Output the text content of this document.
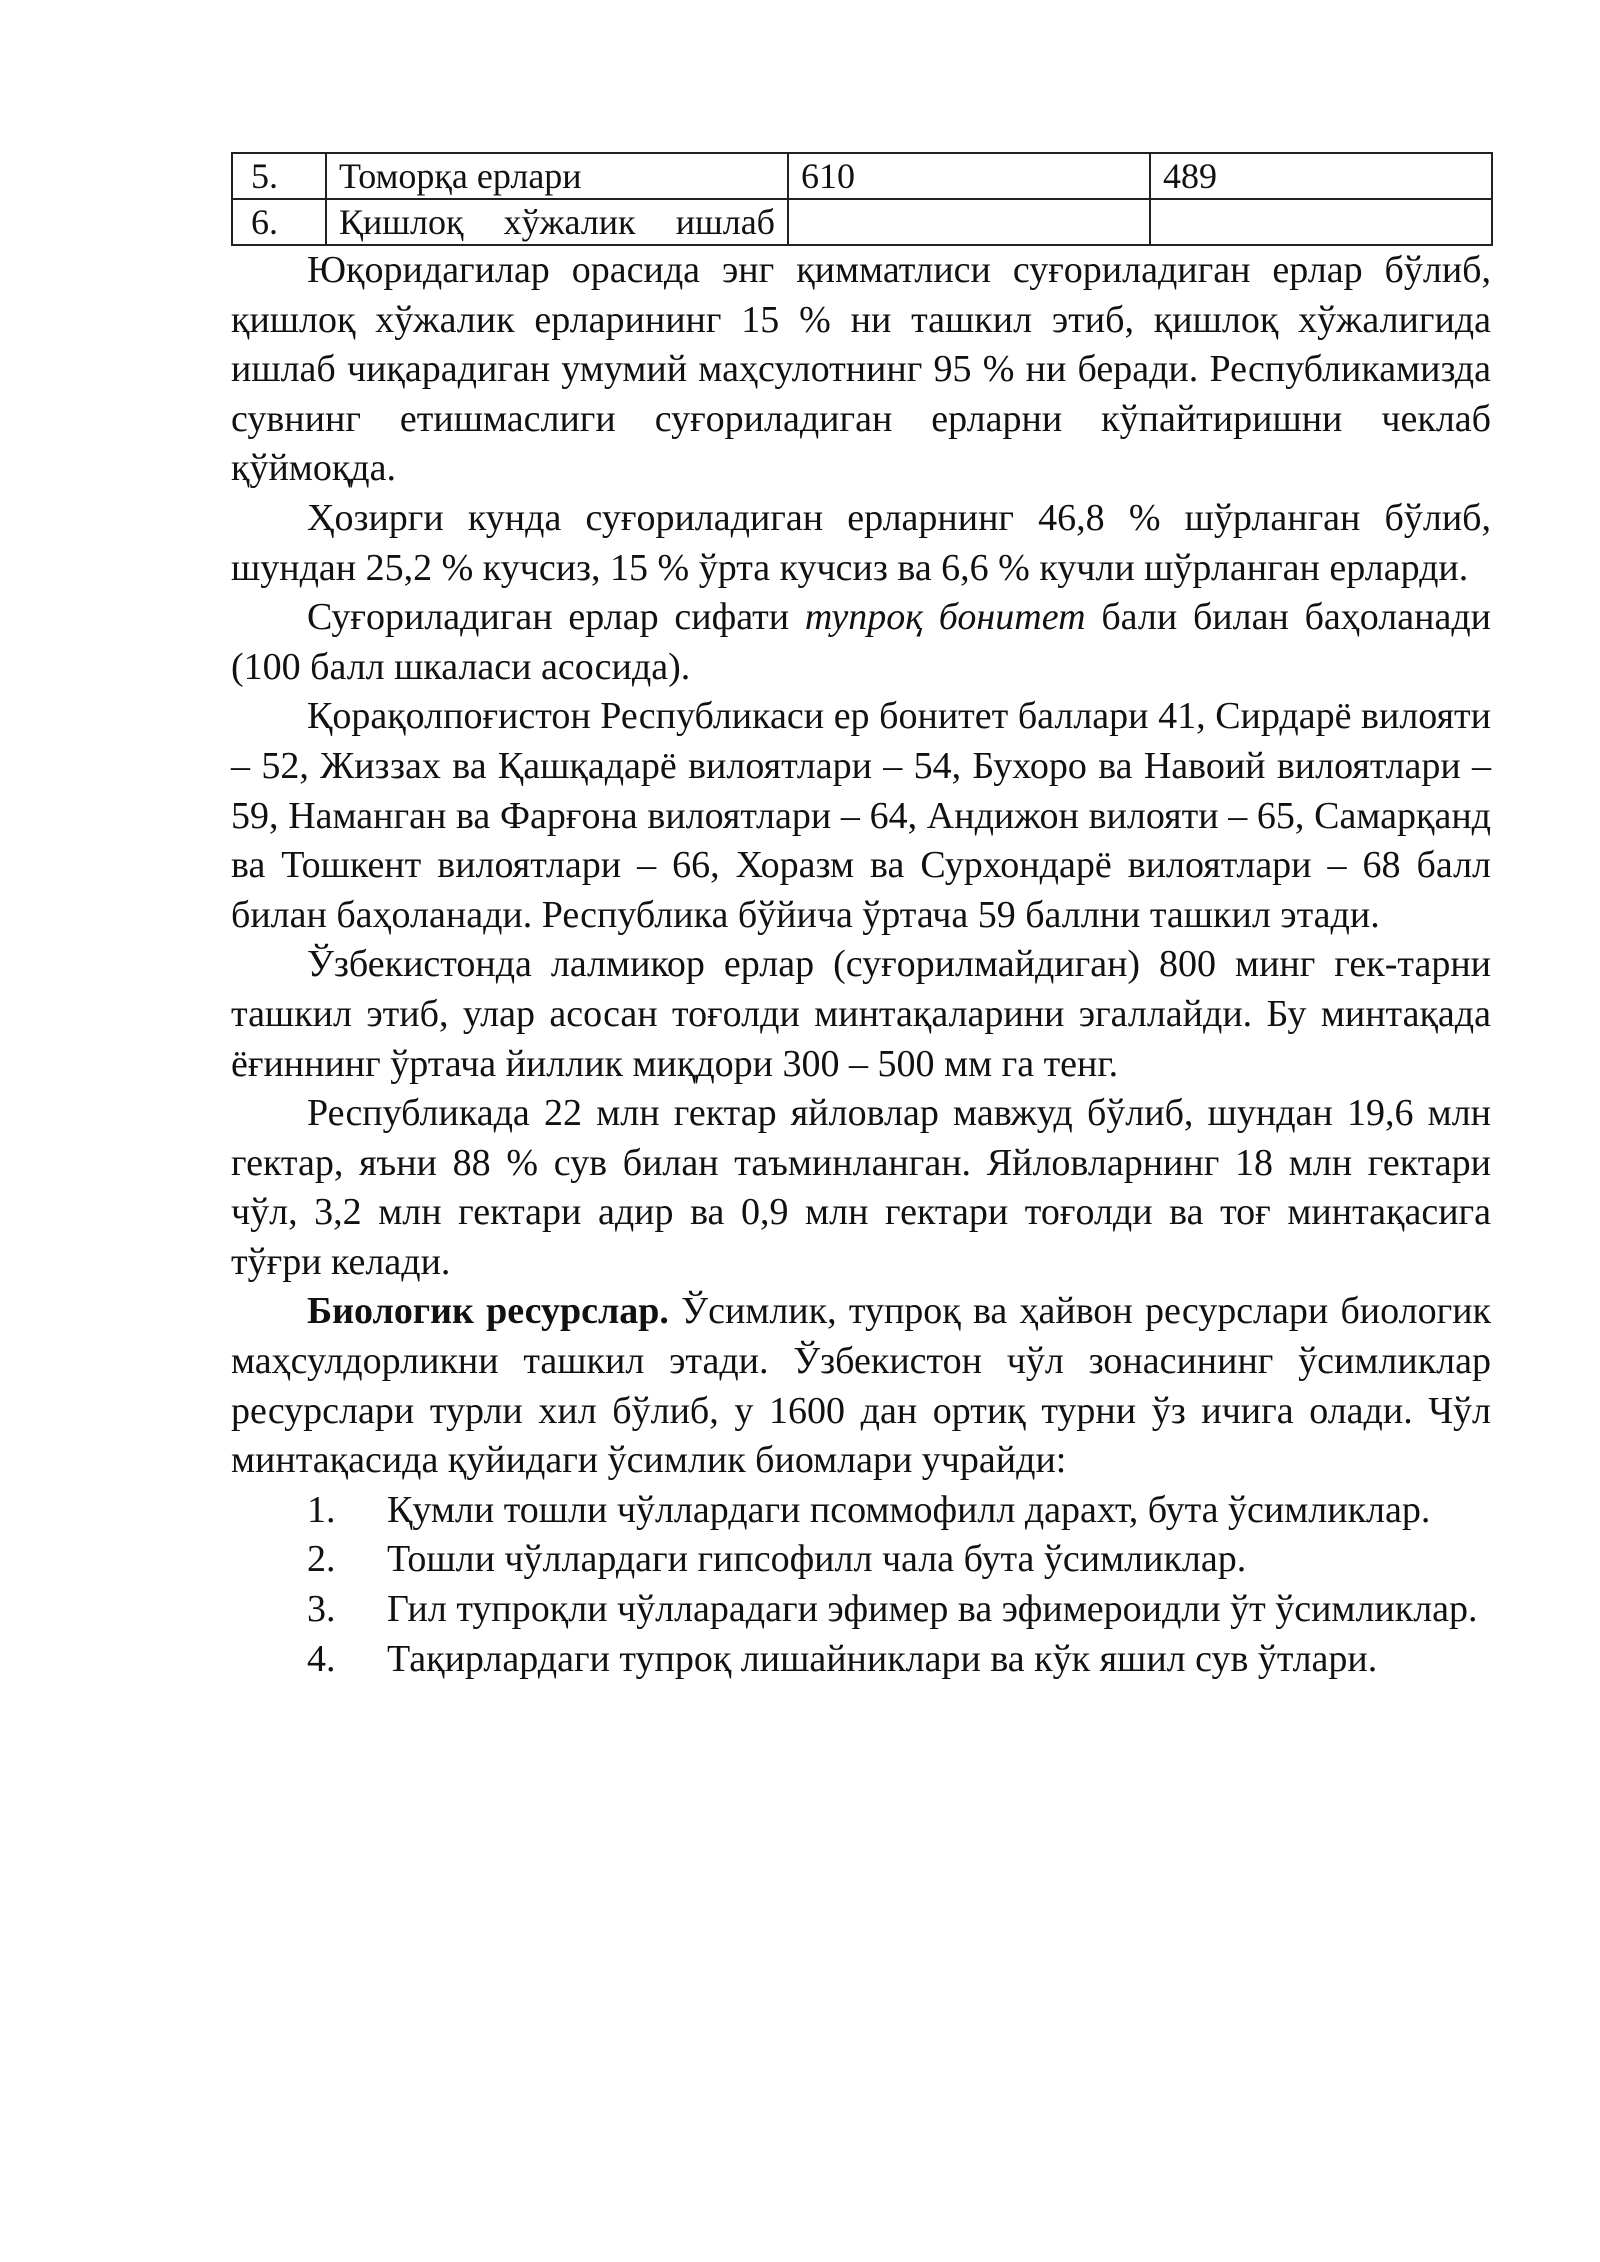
5.	Томорқа ерлари	610	489
6.	Қишлоқ хўжалик ишлаб		

Юқоридагилар орасида энг қимматлиси суғориладиган ерлар бўлиб, қишлоқ хўжалик ерларининг 15 % ни ташкил этиб, қишлоқ хўжалигида ишлаб чиқарадиган умумий маҳсулотнинг 95 % ни беради. Республикамизда сувнинг етишмаслиги суғориладиган ерларни кўпайтиришни чеклаб қўймоқда.

Ҳозирги кунда суғориладиган ерларнинг 46,8 % шўрланган бўлиб, шундан 25,2 % кучсиз, 15 % ўрта кучсиз ва 6,6 % кучли шўрланган ерларди.

Суғориладиган ерлар сифати тупроқ бонитет бали билан баҳоланади (100 балл шкаласи асосида).

Қорақолпоғистон Республикаси ер бонитет баллари 41, Сирдарё вилояти – 52, Жиззах ва Қашқадарё вилоятлари – 54, Бухоро ва Навоий вилоятлари – 59, Наманган ва Фарғона вилоятлари – 64, Андижон вилояти – 65, Самарқанд ва Тошкент вилоятлари – 66, Хоразм ва Сурхондарё вилоятлари – 68 балл билан баҳоланади. Республика бўйича ўртача 59 баллни ташкил этади.

Ўзбекистонда лалмикор ерлар (суғорилмайдиган) 800 минг гек-тарни ташкил этиб, улар асосан тоғолди минтақаларини эгаллайди. Бу минтақада ёғиннинг ўртача йиллик миқдори 300 – 500 мм га тенг.

Республикада 22 млн гектар яйловлар мавжуд бўлиб, шундан 19,6 млн гектар, яъни 88 % сув билан таъминланган. Яйловларнинг 18 млн гектари чўл, 3,2 млн гектари адир ва 0,9 млн гектари тоғолди ва тоғ минтақасига тўғри келади.

Биологик ресурслар. Ўсимлик, тупроқ ва ҳайвон ресурслари биологик маҳсулдорликни ташкил этади. Ўзбекистон чўл зонасининг ўсимликлар ресурслари турли хил бўлиб, у 1600 дан ортиқ турни ўз ичига олади. Чўл минтақасида қуйидаги ўсимлик биомлари учрайди:

1. Қумли тошли чўллардаги псоммофилл дарахт, бута ўсимликлар.

2. Тошли чўллардаги гипсофилл чала бута ўсимликлар.

3. Гил тупроқли чўлларадаги эфимер ва эфимероидли ўт ўсимликлар.

4. Тақирлардаги тупроқ лишайниклари ва кўк яшил сув ўтлари.
